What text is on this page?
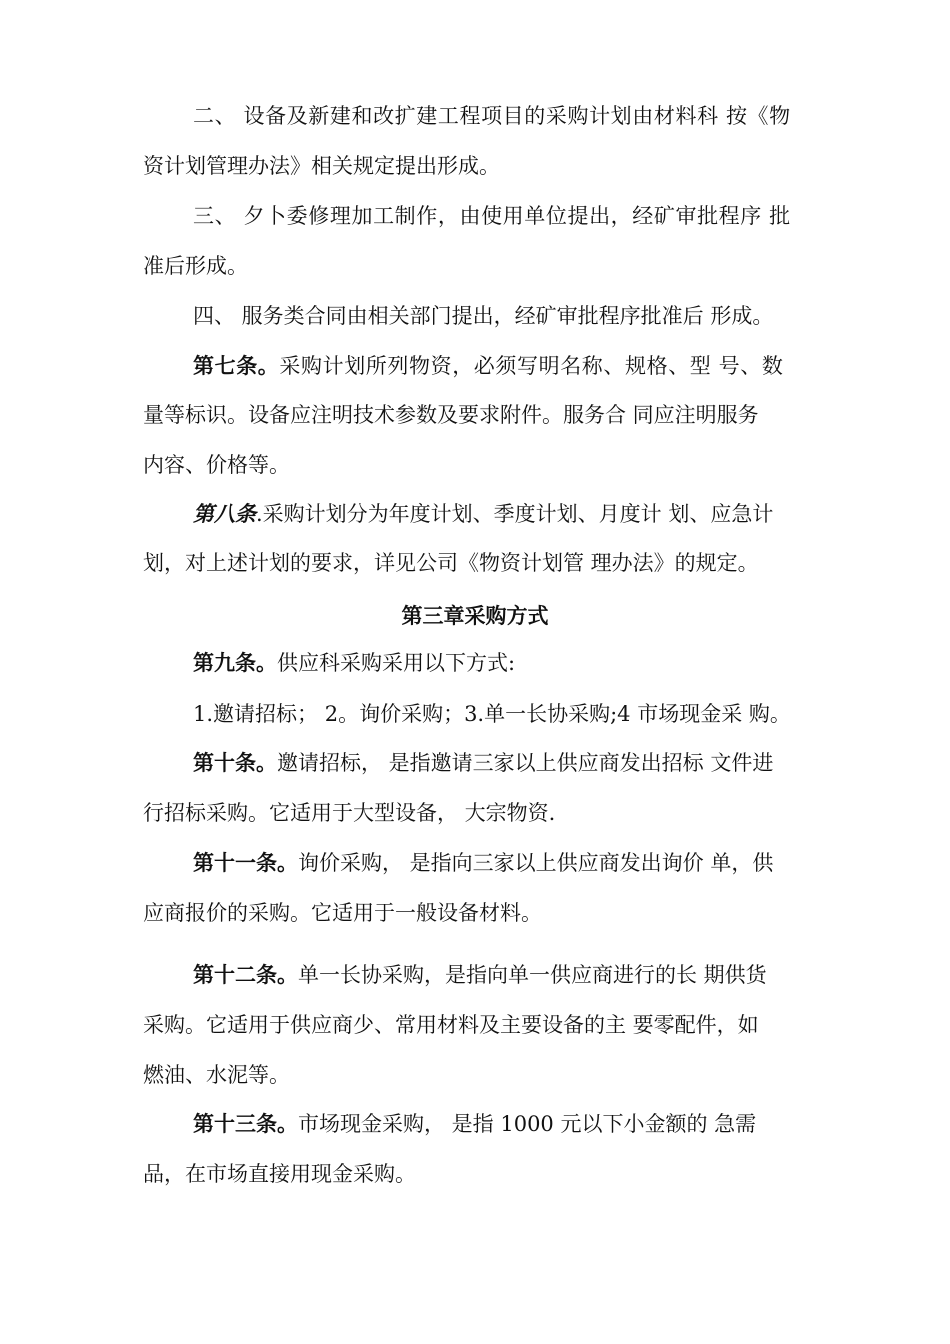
二、 设备及新建和改扩建工程项目的采购计划由材料科 按《物
资计划管理办法》相关规定提出形成。
三、 夕卜委修理加工制作，由使用单位提出，经矿审批程序 批
准后形成。
四、 服务类合同由相关部门提出，经矿审批程序批准后 形成。
第七条。采购计划所列物资，必须写明名称、规格、型 号、数
量等标识。设备应注明技术参数及要求附件。服务合 同应注明服务
内容、价格等。
第八条.采购计划分为年度计划、季度计划、月度计 划、应急计
划，对上述计划的要求，详见公司《物资计划管 理办法》的规定。
第三章采购方式
第九条。供应科采购采用以下方式:
1.邀请招标； 2。询价采购；3.单一长协采购;4 市场现金采 购。
第十条。邀请招标， 是指邀请三家以上供应商发出招标 文件进
行招标采购。它适用于大型设备， 大宗物资.
第十一条。询价采购， 是指向三家以上供应商发出询价 单，供
应商报价的采购。它适用于一般设备材料。
第十二条。单一长协采购，是指向单一供应商进行的长 期供货
采购。它适用于供应商少、常用材料及主要设备的主 要零配件，如
燃油、水泥等。
第十三条。市场现金采购， 是指 1000 元以下小金额的 急需
品，在市场直接用现金采购。
